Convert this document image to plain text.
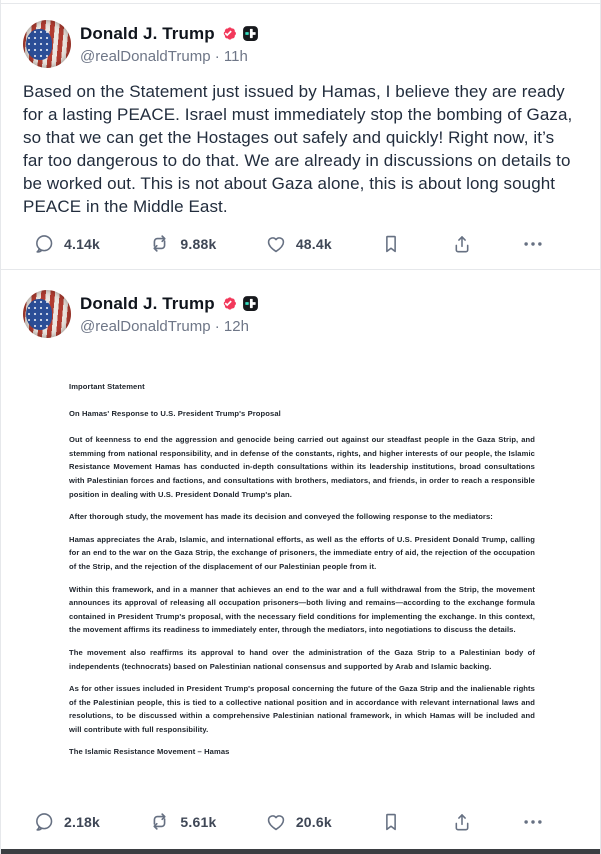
Donald J. Trump
@realDonaldTrump · 11h

Based on the Statement just issued by Hamas, I believe they are ready for a lasting PEACE. Israel must immediately stop the bombing of Gaza, so that we can get the Hostages out safely and quickly! Right now, it’s far too dangerous to do that. We are already in discussions on details to be worked out. This is not about Gaza alone, this is about long sought PEACE in the Middle East.

4.14k	9.88k	48.4k
Donald J. Trump
@realDonaldTrump · 12h

Important Statement

On Hamas' Response to U.S. President Trump's Proposal

Out of keenness to end the aggression and genocide being carried out against our steadfast people in the Gaza Strip, and stemming from national responsibility, and in defense of the constants, rights, and higher interests of our people, the Islamic Resistance Movement Hamas has conducted in-depth consultations within its leadership institutions, broad consultations with Palestinian forces and factions, and consultations with brothers, mediators, and friends, in order to reach a responsible position in dealing with U.S. President Donald Trump's plan.

After thorough study, the movement has made its decision and conveyed the following response to the mediators:

Hamas appreciates the Arab, Islamic, and international efforts, as well as the efforts of U.S. President Donald Trump, calling for an end to the war on the Gaza Strip, the exchange of prisoners, the immediate entry of aid, the rejection of the occupation of the Strip, and the rejection of the displacement of our Palestinian people from it.

Within this framework, and in a manner that achieves an end to the war and a full withdrawal from the Strip, the movement announces its approval of releasing all occupation prisoners—both living and remains—according to the exchange formula contained in President Trump's proposal, with the necessary field conditions for implementing the exchange. In this context, the movement affirms its readiness to immediately enter, through the mediators, into negotiations to discuss the details.

The movement also reaffirms its approval to hand over the administration of the Gaza Strip to a Palestinian body of independents (technocrats) based on Palestinian national consensus and supported by Arab and Islamic backing.

As for other issues included in President Trump's proposal concerning the future of the Gaza Strip and the inalienable rights of the Palestinian people, this is tied to a collective national position and in accordance with relevant international laws and resolutions, to be discussed within a comprehensive Palestinian national framework, in which Hamas will be included and will contribute with full responsibility.

The Islamic Resistance Movement – Hamas

2.18k	5.61k	20.6k
